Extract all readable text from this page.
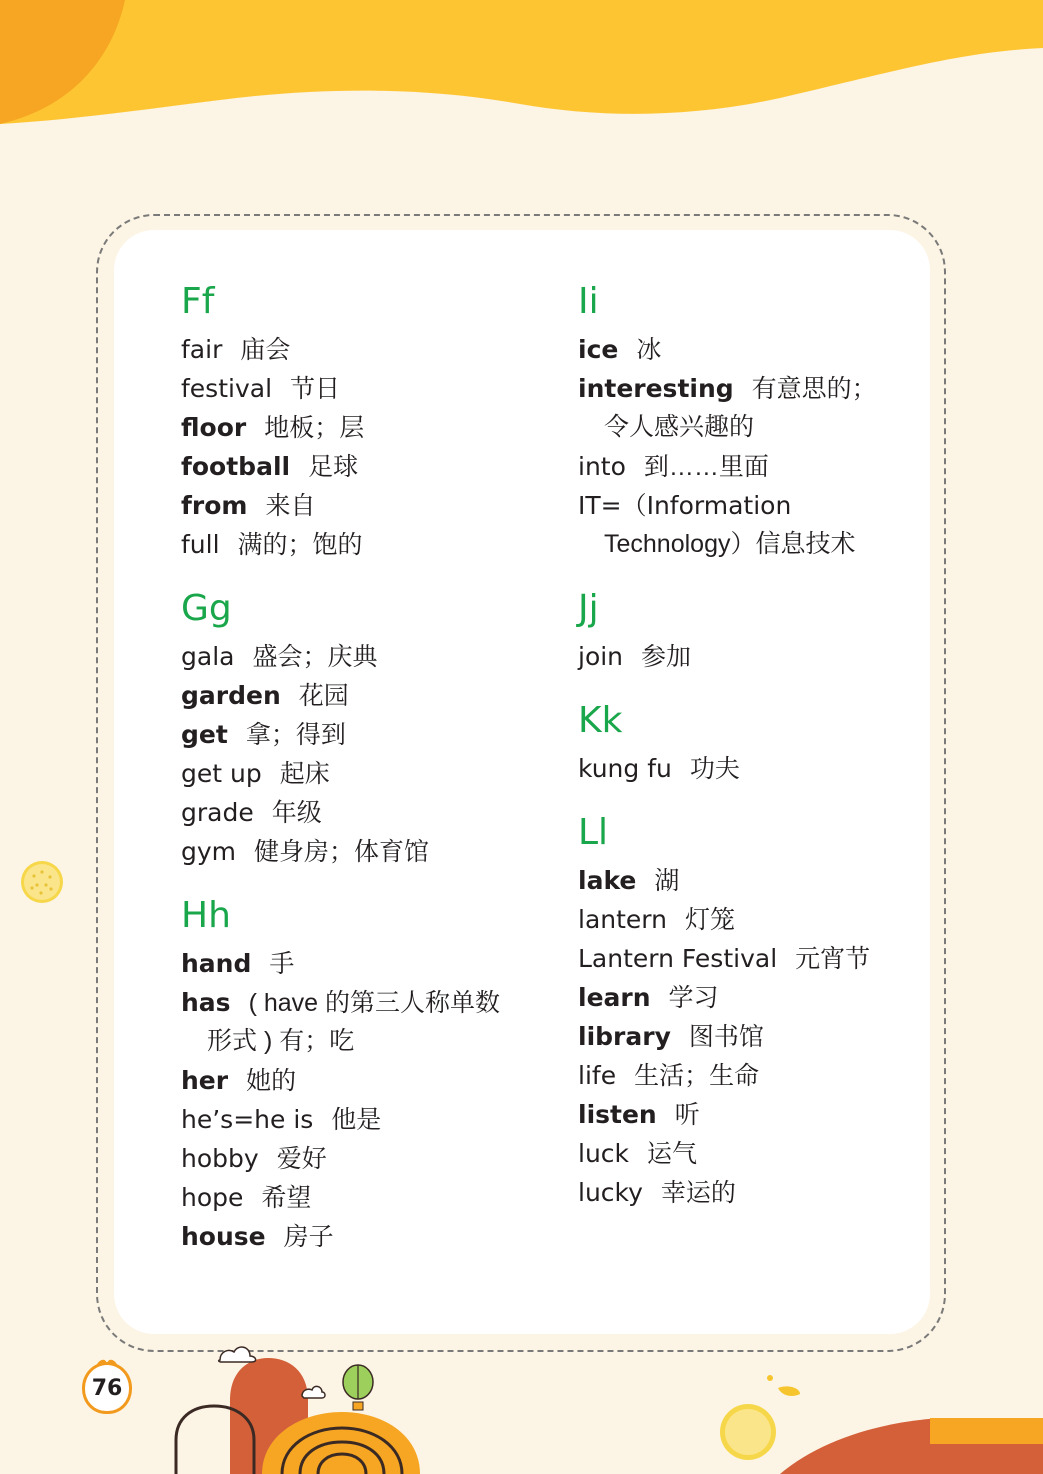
Ff
fair 庙会
festival 节日
floor 地板；层
football 足球
from 来自
full 满的；饱的
Gg
gala 盛会；庆典
garden 花园
get 拿；得到
get up 起床
grade 年级
gym 健身房；体育馆
Hh
hand 手
has ( have 的第三人称单数
形式 ) 有；吃
her 她的
he’s=he is 他是
hobby 爱好
hope 希望
house 房子
Ii
ice 冰
interesting 有意思的；
令人感兴趣的
into 到……里面
IT=（Information
Technology）信息技术
Jj
join 参加
Kk
kung fu 功夫
Ll
lake 湖
lantern 灯笼
Lantern Festival 元宵节
learn 学习
library 图书馆
life 生活；生命
listen 听
luck 运气
lucky 幸运的
76
